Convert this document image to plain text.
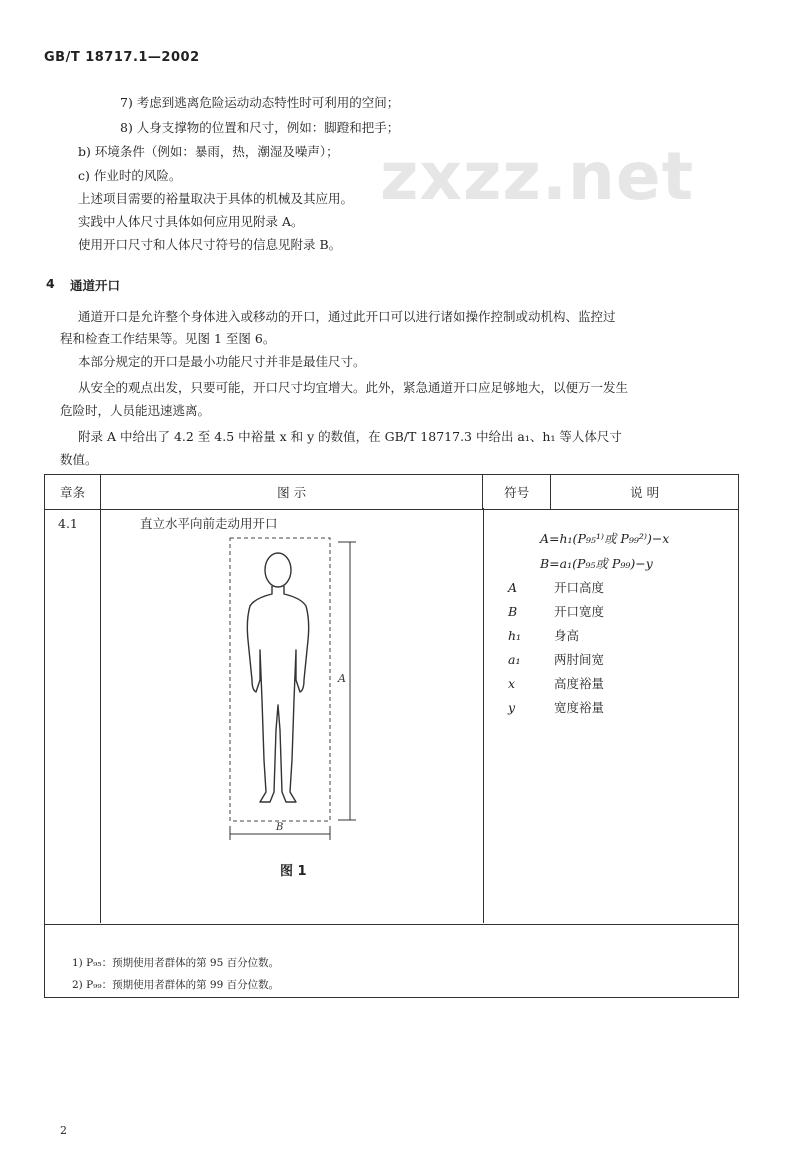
GB/T 18717.1—2002
zxzz.net
7) 考虑到逃离危险运动动态特性时可利用的空间；
8) 人身支撑物的位置和尺寸，例如：脚蹬和把手；
b) 环境条件（例如：暴雨，热，潮湿及噪声）；
c) 作业时的风险。
上述项目需要的裕量取决于具体的机械及其应用。
实践中人体尺寸具体如何应用见附录 A。
使用开口尺寸和人体尺寸符号的信息见附录 B。
4 通道开口
通道开口是允许整个身体进入或移动的开口，通过此开口可以进行诸如操作控制或动机构、监控过
程和检查工作结果等。见图 1 至图 6。
本部分规定的开口是最小功能尺寸并非是最佳尺寸。
从安全的观点出发，只要可能，开口尺寸均宜增大。此外，紧急通道开口应足够地大，以便万一发生
危险时，人员能迅速逃离。
附录 A 中给出了 4.2 至 4.5 中裕量 x 和 y 的数值，在 GB/T 18717.3 中给出 a₁、h₁ 等人体尺寸
数值。
章条	图 示	符号	说 明

4.1	直立水平向前走动用开口
A
B
图 1
A=h₁(P₉₅¹⁾或 P₉₉²⁾)−x
B=a₁(P₉₅或 P₉₉)−y
A	开口高度
B	开口宽度
h₁	身高
a₁	两肘间宽
x	高度裕量
y	宽度裕量
1) P₉₅：预期使用者群体的第 95 百分位数。
2) P₉₉：预期使用者群体的第 99 百分位数。
2
